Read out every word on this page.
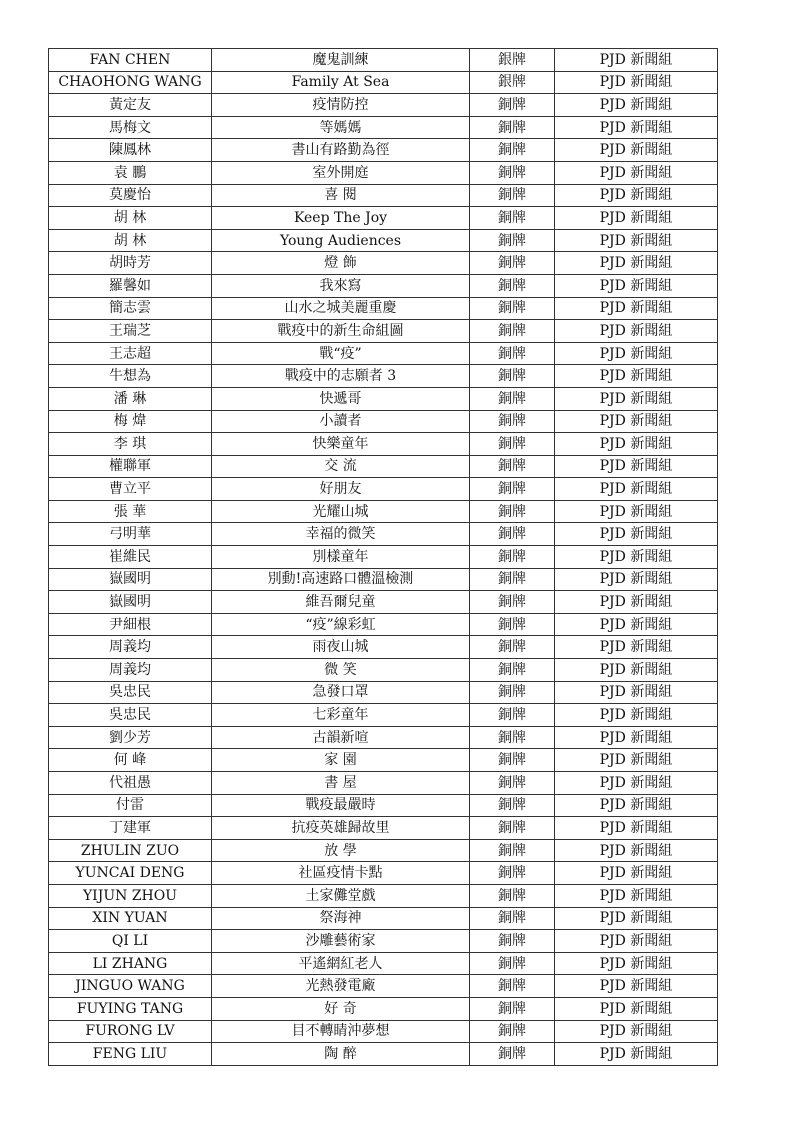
FAN CHEN	魔鬼訓練	銀牌	PJD 新聞組
CHAOHONG WANG	Family At Sea	銀牌	PJD 新聞組
黃定友	疫情防控	銅牌	PJD 新聞組
馬梅文	等媽媽	銅牌	PJD 新聞組
陳鳳林	書山有路勤為徑	銅牌	PJD 新聞組
袁 鵬	室外開庭	銅牌	PJD 新聞組
莫慶怡	喜 閱	銅牌	PJD 新聞組
胡 林	Keep The Joy	銅牌	PJD 新聞組
胡 林	Young Audiences	銅牌	PJD 新聞組
胡時芳	燈 飾	銅牌	PJD 新聞組
羅馨如	我來寫	銅牌	PJD 新聞組
簡志雲	山水之城美麗重慶	銅牌	PJD 新聞組
王瑞芝	戰疫中的新生命組圖	銅牌	PJD 新聞組
王志超	戰“疫”	銅牌	PJD 新聞組
牛想為	戰疫中的志願者 3	銅牌	PJD 新聞組
潘 琳	快遞哥	銅牌	PJD 新聞組
梅 煒	小讀者	銅牌	PJD 新聞組
李 琪	快樂童年	銅牌	PJD 新聞組
權聯軍	交 流	銅牌	PJD 新聞組
曹立平	好朋友	銅牌	PJD 新聞組
張 華	光耀山城	銅牌	PJD 新聞組
弓明華	幸福的微笑	銅牌	PJD 新聞組
崔維民	別樣童年	銅牌	PJD 新聞組
嶽國明	別動!高速路口體溫檢測	銅牌	PJD 新聞組
嶽國明	維吾爾兒童	銅牌	PJD 新聞組
尹細根	“疫”線彩虹	銅牌	PJD 新聞組
周義均	雨夜山城	銅牌	PJD 新聞組
周義均	微 笑	銅牌	PJD 新聞組
吳忠民	急發口罩	銅牌	PJD 新聞組
吳忠民	七彩童年	銅牌	PJD 新聞組
劉少芳	古韻新喧	銅牌	PJD 新聞組
何 峰	家 園	銅牌	PJD 新聞組
代祖愚	書 屋	銅牌	PJD 新聞組
付雷	戰疫最嚴時	銅牌	PJD 新聞組
丁建軍	抗疫英雄歸故里	銅牌	PJD 新聞組
ZHULIN ZUO	放 學	銅牌	PJD 新聞組
YUNCAI DENG	社區疫情卡點	銅牌	PJD 新聞組
YIJUN ZHOU	土家儺堂戲	銅牌	PJD 新聞組
XIN YUAN	祭海神	銅牌	PJD 新聞組
QI LI	沙雕藝術家	銅牌	PJD 新聞組
LI ZHANG	平遙網紅老人	銅牌	PJD 新聞組
JINGUO WANG	光熱發電廠	銅牌	PJD 新聞組
FUYING TANG	好 奇	銅牌	PJD 新聞組
FURONG LV	目不轉睛沖夢想	銅牌	PJD 新聞組
FENG LIU	陶 醉	銅牌	PJD 新聞組
